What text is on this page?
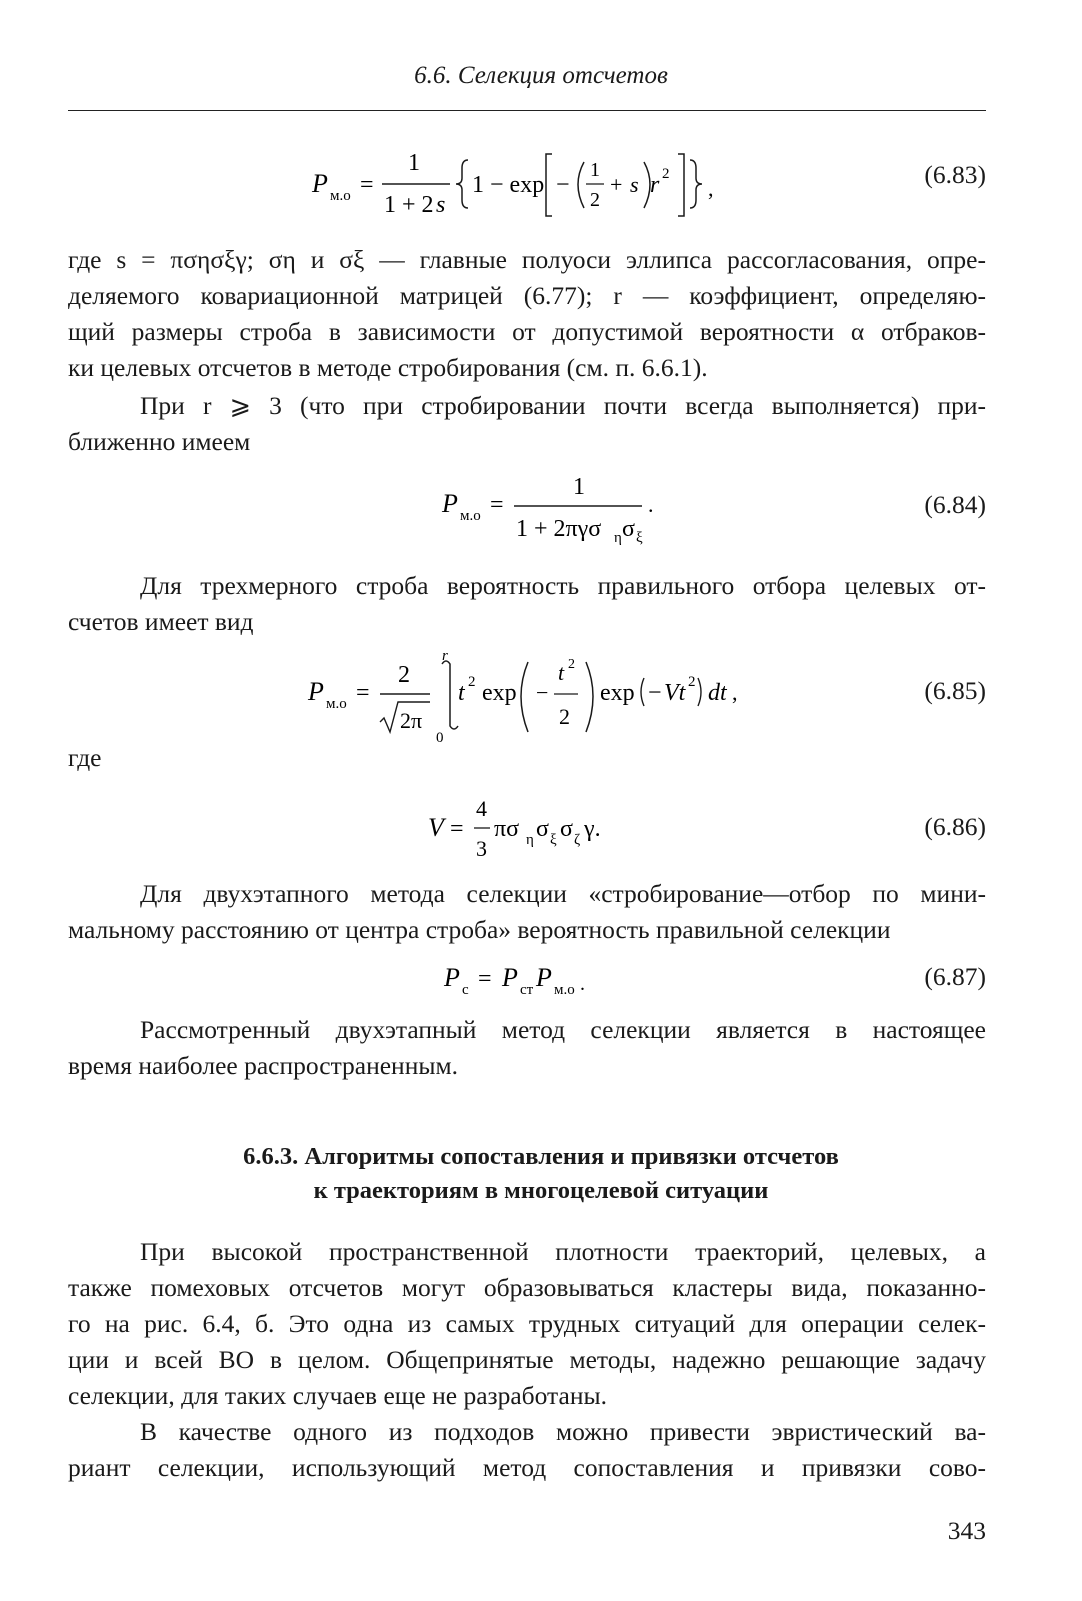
6.6. Селекция отсчетов
P м.о =
1
1 + 2 s
1 − exp −
1
2
+ s r 2
,	(6.83)
где s = πσησξγ; ση и σξ — главные полуоси эллипса рассогласования, опре-
деляемого ковариационной матрицей (6.77); r — коэффициент, определяю-
щий размеры строба в зависимости от допустимой вероятности α отбраков-
ки целевых отсчетов в методе стробирования (см. п. 6.6.1).
При r ⩾ 3 (что при стробировании почти всегда выполняется) при-
ближенно имеем
P м.о =
1
1 + 2πγσ η σ ξ
.	(6.84)
Для трехмерного строба вероятность правильного отбора целевых от-
счетов имеет вид
P м.о =
2
2π
r
0
t 2 exp −
t 2
2
exp − Vt 2 dt ,	(6.85)
где
V =
4
3
πσ η σ ξ σ ζ γ.	(6.86)
Для двухэтапного метода селекции «стробирование—отбор по мини-
мальному расстоянию от центра строба» вероятность правильной селекции
P с = P ст P м.о .	(6.87)
Рассмотренный двухэтапный метод селекции является в настоящее
время наиболее распространенным.
6.6.3. Алгоритмы сопоставления и привязки отсчетов
к траекториям в многоцелевой ситуации
При высокой пространственной плотности траекторий, целевых, а
также помеховых отсчетов могут образовываться кластеры вида, показанно-
го на рис. 6.4, б. Это одна из самых трудных ситуаций для операции селек-
ции и всей ВО в целом. Общепринятые методы, надежно решающие задачу
селекции, для таких случаев еще не разработаны.
В качестве одного из подходов можно привести эвристический ва-
риант селекции, использующий метод сопоставления и привязки сово-
343
